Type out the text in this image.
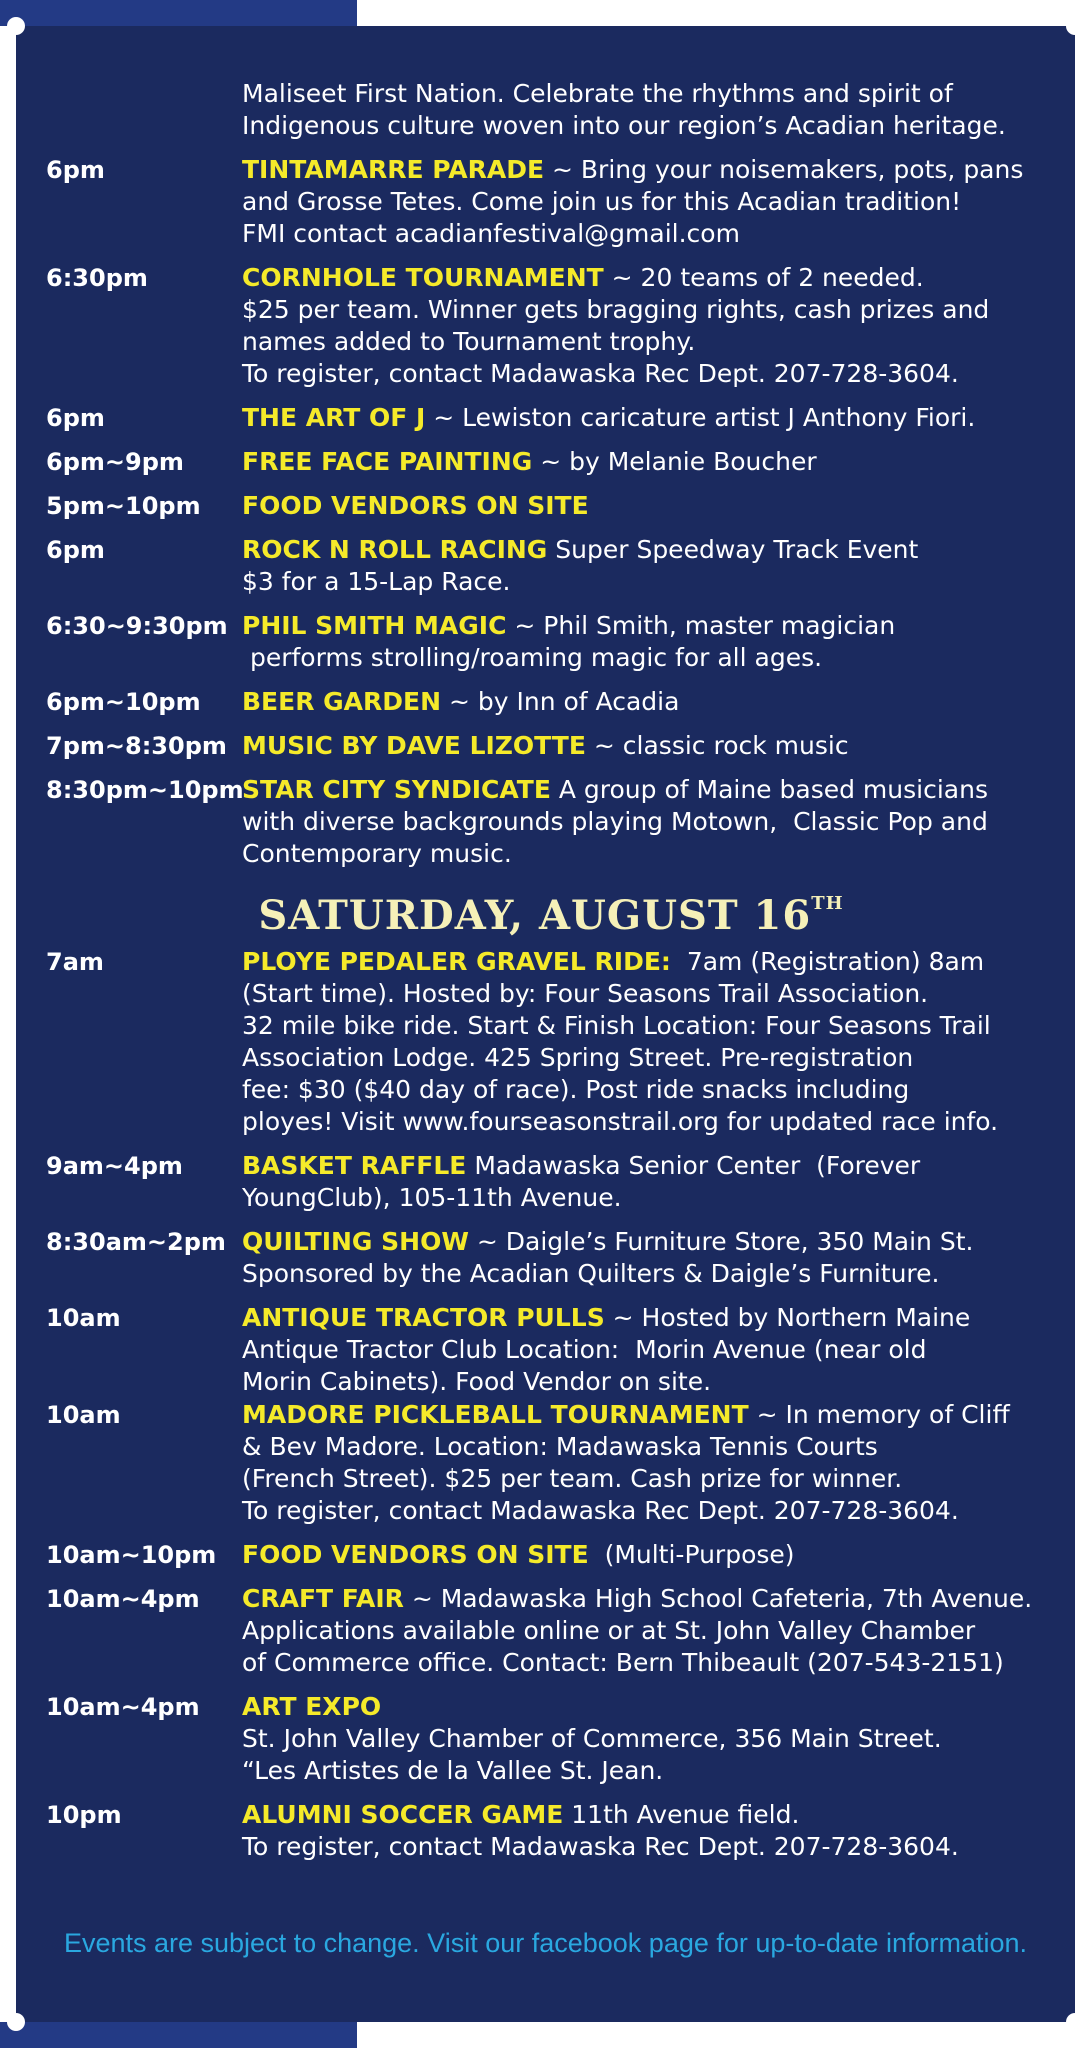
Maliseet First Nation. Celebrate the rhythms and spirit of
Indigenous culture woven into our region’s Acadian heritage.
6pm	TINTAMARRE PARADE ~ Bring your noisemakers, pots, pans
and Grosse Tetes. Come join us for this Acadian tradition!
FMI contact acadianfestival@gmail.com
6:30pm	CORNHOLE TOURNAMENT ~ 20 teams of 2 needed.
$25 per team. Winner gets bragging rights, cash prizes and
names added to Tournament trophy.
To register, contact Madawaska Rec Dept. 207-728-3604.
6pm	THE ART OF J ~ Lewiston caricature artist J Anthony Fiori.
6pm~9pm	FREE FACE PAINTING ~ by Melanie Boucher
5pm~10pm	FOOD VENDORS ON SITE
6pm	ROCK N ROLL RACING Super Speedway Track Event
$3 for a 15-Lap Race.
6:30~9:30pm PHIL SMITH MAGIC ~ Phil Smith, master magician
performs strolling/roaming magic for all ages.
6pm~10pm	BEER GARDEN ~ by Inn of Acadia
7pm~8:30pm MUSIC BY DAVE LIZOTTE ~ classic rock music
8:30pm~10pm
STAR CITY SYNDICATE A group of Maine based musicians
with diverse backgrounds playing Motown,  Classic Pop and
Contemporary music.
SATURDAY, AUGUST 16TH
7am	PLOYE PEDALER GRAVEL RIDE:  7am (Registration) 8am
(Start time). Hosted by: Four Seasons Trail Association.
32 mile bike ride. Start & Finish Location: Four Seasons Trail
Association Lodge. 425 Spring Street. Pre-registration
fee: $30 ($40 day of race). Post ride snacks including
ployes! Visit www.fourseasonstrail.org for updated race info.
9am~4pm	BASKET RAFFLE Madawaska Senior Center  (Forever
YoungClub), 105-11th Avenue.
8:30am~2pm QUILTING SHOW ~ Daigle’s Furniture Store, 350 Main St.
Sponsored by the Acadian Quilters & Daigle’s Furniture.
10am	ANTIQUE TRACTOR PULLS ~ Hosted by Northern Maine
Antique Tractor Club Location:  Morin Avenue (near old
Morin Cabinets). Food Vendor on site.
10am	MADORE PICKLEBALL TOURNAMENT ~ In memory of Cliff
& Bev Madore. Location: Madawaska Tennis Courts
(French Street). $25 per team. Cash prize for winner.
To register, contact Madawaska Rec Dept. 207-728-3604.
10am~10pm	FOOD VENDORS ON SITE  (Multi-Purpose)
10am~4pm	CRAFT FAIR ~ Madawaska High School Cafeteria, 7th Avenue.
Applications available online or at St. John Valley Chamber
of Commerce office. Contact: Bern Thibeault (207-543-2151)
10am~4pm	ART EXPO
St. John Valley Chamber of Commerce, 356 Main Street.
“Les Artistes de la Vallee St. Jean.
10pm	ALUMNI SOCCER GAME 11th Avenue field.
To register, contact Madawaska Rec Dept. 207-728-3604.
Events are subject to change. Visit our facebook page for up-to-date information.
